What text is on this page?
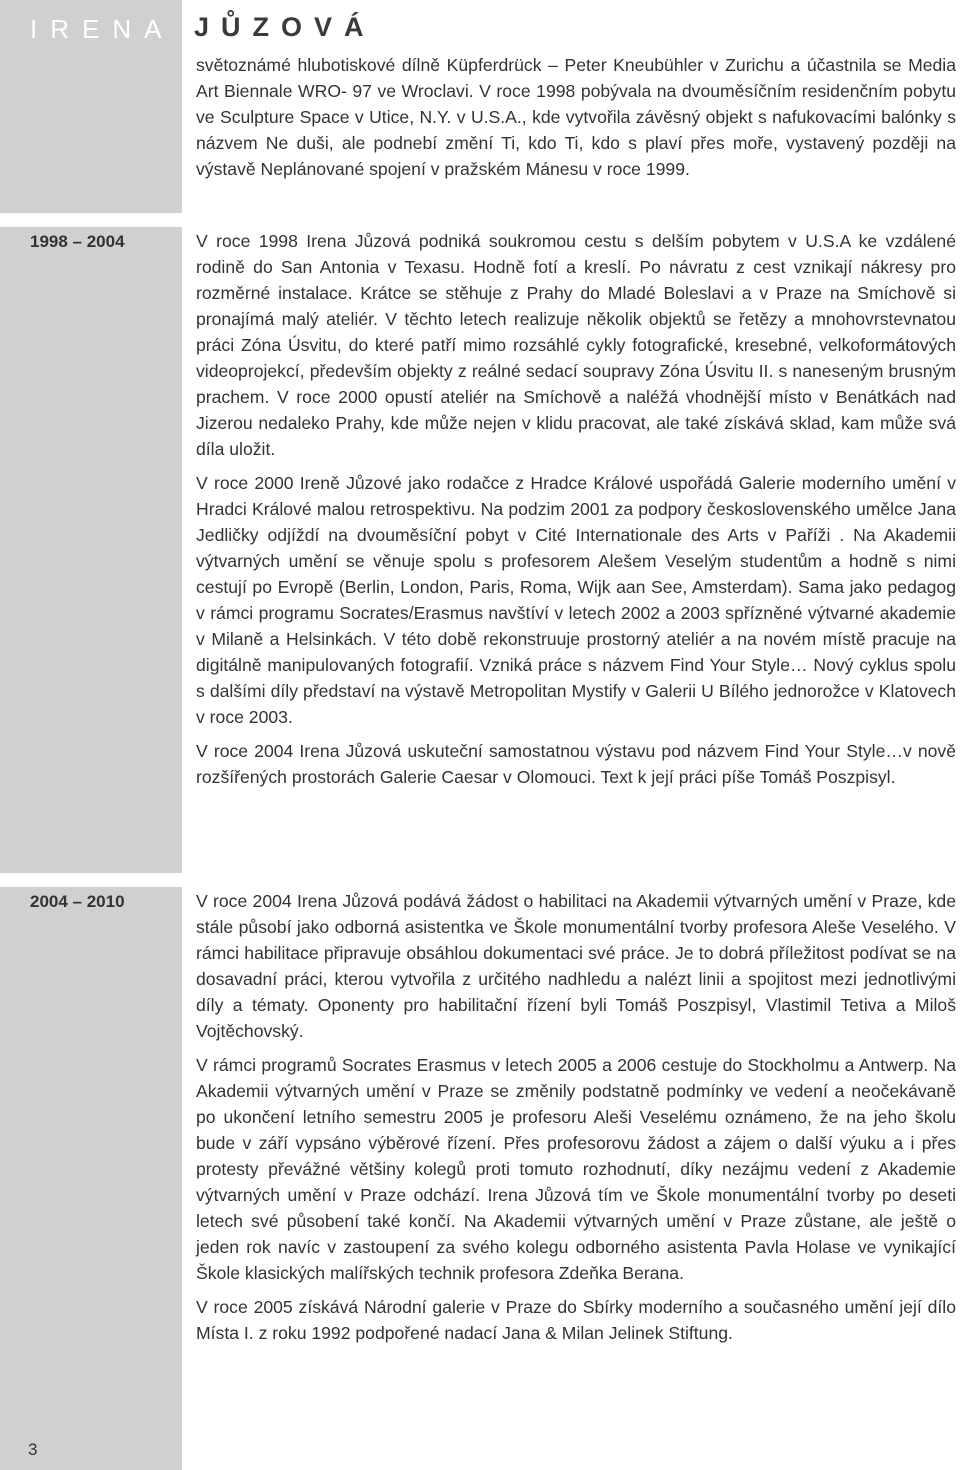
IRENA JŮZOVÁ

světoznámé hlubotiskové dílně Küpferdrück – Peter Kneubühler v Zurichu a účastnila se Media Art Biennale WRO- 97 ve Wroclavi. V roce 1998 pobývala na dvouměsíčním residenčním pobytu ve Sculpture Space v Utice, N.Y. v U.S.A., kde vytvořila závěsný objekt s nafukovacími balónky s názvem Ne duši, ale podnebí změní Ti, kdo Ti, kdo s plaví přes moře, vystavený později na výstavě Neplánované spojení v pražském Mánesu v roce 1999.

1998 – 2004	V roce 1998 Irena Jůzová podniká soukromou cestu s delším pobytem v U.S.A ke vzdálené rodině do San Antonia v Texasu. Hodně fotí a kreslí. Po návratu z cest vznikají nákresy pro rozměrné instalace. Krátce se stěhuje z Prahy do Mladé Boleslavi a v Praze na Smíchově si pronajímá malý ateliér. V těchto letech realizuje několik objektů se řetězy a mnohovrstevnatou práci Zóna Úsvitu, do které patří mimo rozsáhlé cykly fotografické, kresebné, velkoformátových videoprojekcí, především objekty z reálné sedací soupravy Zóna Úsvitu II. s naneseným brusným prachem. V roce 2000 opustí ateliér na Smíchově a naléžá vhodnější místo v Benátkách nad Jizerou nedaleko Prahy, kde může nejen v klidu pracovat, ale také získává sklad, kam může svá díla uložit.

V roce 2000 Ireně Jůzové jako rodačce z Hradce Králové uspořádá Galerie moderního umění v Hradci Králové malou retrospektivu. Na podzim 2001 za podpory československého umělce Jana Jedličky odjíždí na dvouměsíční pobyt v Cité Internationale des Arts v Paříži . Na Akademii výtvarných umění se věnuje spolu s profesorem Alešem Veselým studentům a hodně s nimi cestují po Evropě (Berlin, London, Paris, Roma, Wijk aan See, Amsterdam). Sama jako pedagog v rámci programu Socrates/Erasmus navštíví v letech 2002 a 2003 spřízněné výtvarné akademie v Milaně a Helsinkách. V této době rekonstruuje prostorný ateliér a na novém místě pracuje na digitálně manipulovaných fotografií. Vzniká práce s názvem Find Your Style… Nový cyklus spolu s dalšími díly představí na výstavě Metropolitan Mystify v Galerii U Bílého jednorožce v Klatovech v roce 2003.

V roce 2004 Irena Jůzová uskuteční samostatnou výstavu pod názvem Find Your Style…v nově rozšířených prostorách Galerie Caesar v Olomouci. Text k její práci píše Tomáš Poszpisyl.

2004 – 2010	V roce 2004 Irena Jůzová podává žádost o habilitaci na Akademii výtvarných umění v Praze, kde stále působí jako odborná asistentka ve Škole monumentální tvorby profesora Aleše Veselého. V rámci habilitace připravuje obsáhlou dokumentaci své práce. Je to dobrá příležitost podívat se na dosavadní práci, kterou vytvořila z určitého nadhledu a nalézt linii a spojitost mezi jednotlivými díly a tématy. Oponenty pro habilitační řízení byli Tomáš Poszpisyl, Vlastimil Tetiva a Miloš Vojtěchovský.

V rámci programů Socrates Erasmus v letech 2005 a 2006 cestuje do Stockholmu a Antwerp. Na Akademii výtvarných umění v Praze se změnily podstatně podmínky ve vedení a neočekávaně po ukončení letního semestru 2005 je profesoru Aleši Veselému oznámeno, že na jeho školu bude v září vypsáno výběrové řízení. Přes profesorovu žádost a zájem o další výuku a i přes protesty převážné většiny kolegů proti tomuto rozhodnutí, díky nezájmu vedení z Akademie výtvarných umění v Praze odchází. Irena Jůzová tím ve Škole monumentální tvorby po deseti letech své působení také končí. Na Akademii výtvarných umění v Praze zůstane, ale ještě o jeden rok navíc v zastoupení za svého kolegu odborného asistenta Pavla Holase ve vynikající Škole klasických malířských technik profesora Zdeňka Berana.

V roce 2005 získává Národní galerie v Praze do Sbírky moderního a současného umění její dílo Místa I. z roku 1992 podpořené nadací Jana & Milan Jelinek Stiftung.

3
